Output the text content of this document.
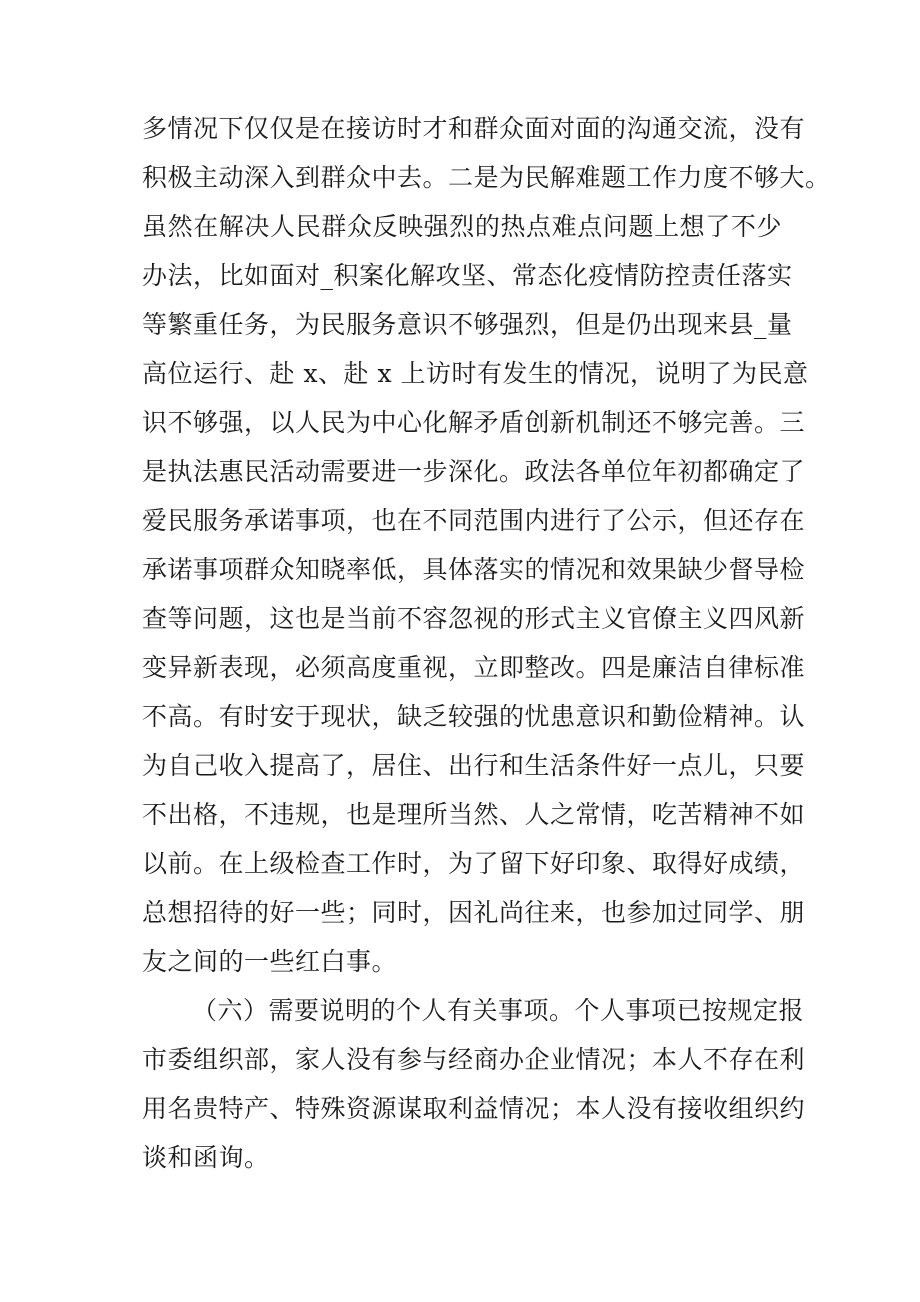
多情况下仅仅是在接访时才和群众面对面的沟通交流，没有
积极主动深入到群众中去。二是为民解难题工作力度不够大。
虽然在解决人民群众反映强烈的热点难点问题上想了不少
办法，比如面对_积案化解攻坚、常态化疫情防控责任落实
等繁重任务，为民服务意识不够强烈，但是仍出现来县_量
高位运行、赴 x、赴 x 上访时有发生的情况，说明了为民意
识不够强，以人民为中心化解矛盾创新机制还不够完善。三
是执法惠民活动需要进一步深化。政法各单位年初都确定了
爱民服务承诺事项，也在不同范围内进行了公示，但还存在
承诺事项群众知晓率低，具体落实的情况和效果缺少督导检
查等问题，这也是当前不容忽视的形式主义官僚主义四风新
变异新表现，必须高度重视，立即整改。四是廉洁自律标准
不高。有时安于现状，缺乏较强的忧患意识和勤俭精神。认
为自己收入提高了，居住、出行和生活条件好一点儿，只要
不出格，不违规，也是理所当然、人之常情，吃苦精神不如
以前。在上级检查工作时，为了留下好印象、取得好成绩，
总想招待的好一些；同时，因礼尚往来，也参加过同学、朋
友之间的一些红白事。
（六）需要说明的个人有关事项。个人事项已按规定报
市委组织部，家人没有参与经商办企业情况；本人不存在利
用名贵特产、特殊资源谋取利益情况；本人没有接收组织约
谈和函询。
